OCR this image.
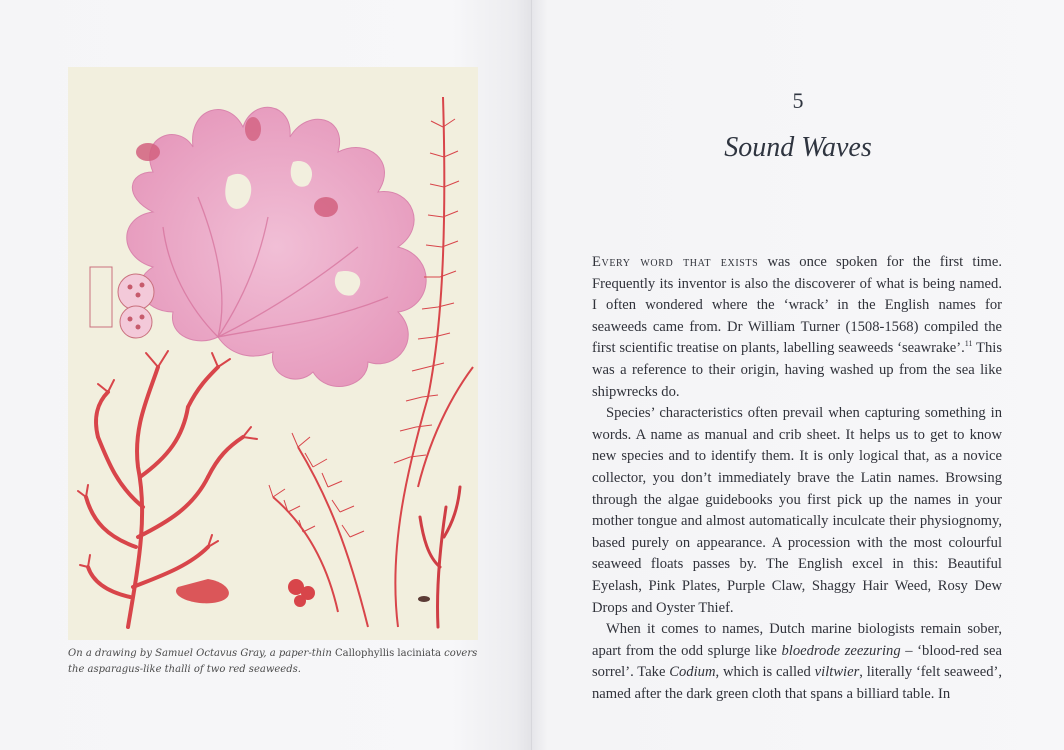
On a drawing by Samuel Octavus Gray, a paper-thin Callophyllis laciniata covers the asparagus-like thalli of two red seaweeds.
5
Sound Waves

Every word that exists was once spoken for the first time. Frequently its inventor is also the discoverer of what is being named. I often wondered where the ‘wrack’ in the English names for seaweeds came from. Dr William Turner (1508-1568) compiled the first scientific treatise on plants, labelling seaweeds ‘seawrake’.$^{11}$ This was a reference to their origin, having washed up from the sea like shipwrecks do.

Species’ characteristics often prevail when capturing something in words. A name as manual and crib sheet. It helps us to get to know new species and to identify them. It is only logical that, as a novice collector, you don’t immediately brave the Latin names. Browsing through the algae guidebooks you first pick up the names in your mother tongue and almost automatically inculcate their physiognomy, based purely on appearance. A procession with the most colourful seaweed floats passes by. The English excel in this: Beautiful Eyelash, Pink Plates, Purple Claw, Shaggy Hair Weed, Rosy Dew Drops and Oyster Thief.

When it comes to names, Dutch marine biologists remain sober, apart from the odd splurge like bloedrode zeezuring – ‘blood-red sea sorrel’. Take Codium, which is called viltwier, literally ‘felt seaweed’, named after the dark green cloth that spans a billiard table. In
